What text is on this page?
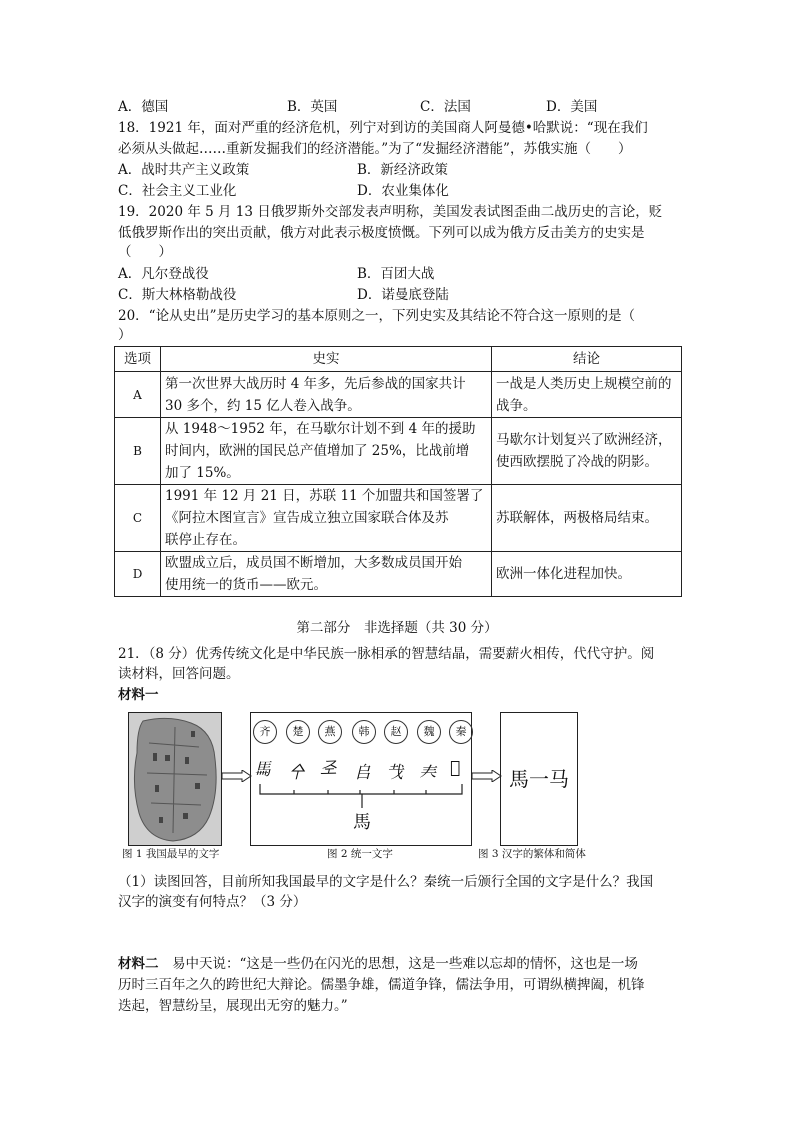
A．德国	B．英国	C．法国	D．美国
18．1921 年，面对严重的经济危机，列宁对到访的美国商人阿曼德•哈默说：“现在我们
必须从头做起……重新发掘我们的经济潜能。”为了“发掘经济潜能”，苏俄实施（　　）
A．战时共产主义政策	B．新经济政策
C．社会主义工业化	D．农业集体化
19．2020 年 5 月 13 日俄罗斯外交部发表声明称，美国发表试图歪曲二战历史的言论，贬
低俄罗斯作出的突出贡献，俄方对此表示极度愤慨。下列可以成为俄方反击美方的史实是
（　　）
A．凡尔登战役	B．百团大战
C．斯大林格勒战役	D．诺曼底登陆
20．“论从史出”是历史学习的基本原则之一，下列史实及其结论不符合这一原则的是（
）
选项	史实	结论
A	第一次世界大战历时 4 年多，先后参战的国家共计
30 多个，约 15 亿人卷入战争。	一战是人类历史上规模空前的
战争。
B	从 1948～1952 年，在马歇尔计划不到 4 年的援助
时间内，欧洲的国民总产值增加了 25%，比战前增
加了 15%。	马歇尔计划复兴了欧洲经济，
使西欧摆脱了冷战的阴影。
C	1991 年 12 月 21 日，苏联 11 个加盟共和国签署了
《阿拉木图宣言》宣告成立独立国家联合体及苏
联停止存在。	苏联解体，两极格局结束。
D	欧盟成立后，成员国不断增加，大多数成员国开始
使用统一的货币——欧元。	欧洲一体化进程加快。
第二部分　非选择题（共 30 分）
21．（8 分）优秀传统文化是中华民族一脉相承的智慧结晶，需要薪火相传，代代守护。阅
读材料，回答问题。
材料一
齐	楚	燕	韩	赵	魏	秦
𩡧 㐃 𢀖 𠂤 𢦏 𡗗 𢑚
馬
馬一马
图 1 我国最早的文字	图 2 统一文字	图 3 汉字的繁体和简体
（1）读图回答，目前所知我国最早的文字是什么？秦统一后颁行全国的文字是什么？我国
汉字的演变有何特点？（3 分）
材料二　易中天说：“这是一些仍在闪光的思想，这是一些难以忘却的情怀，这也是一场
历时三百年之久的跨世纪大辩论。儒墨争雄，儒道争锋，儒法争用，可谓纵横捭阖，机锋
迭起，智慧纷呈，展现出无穷的魅力。”
